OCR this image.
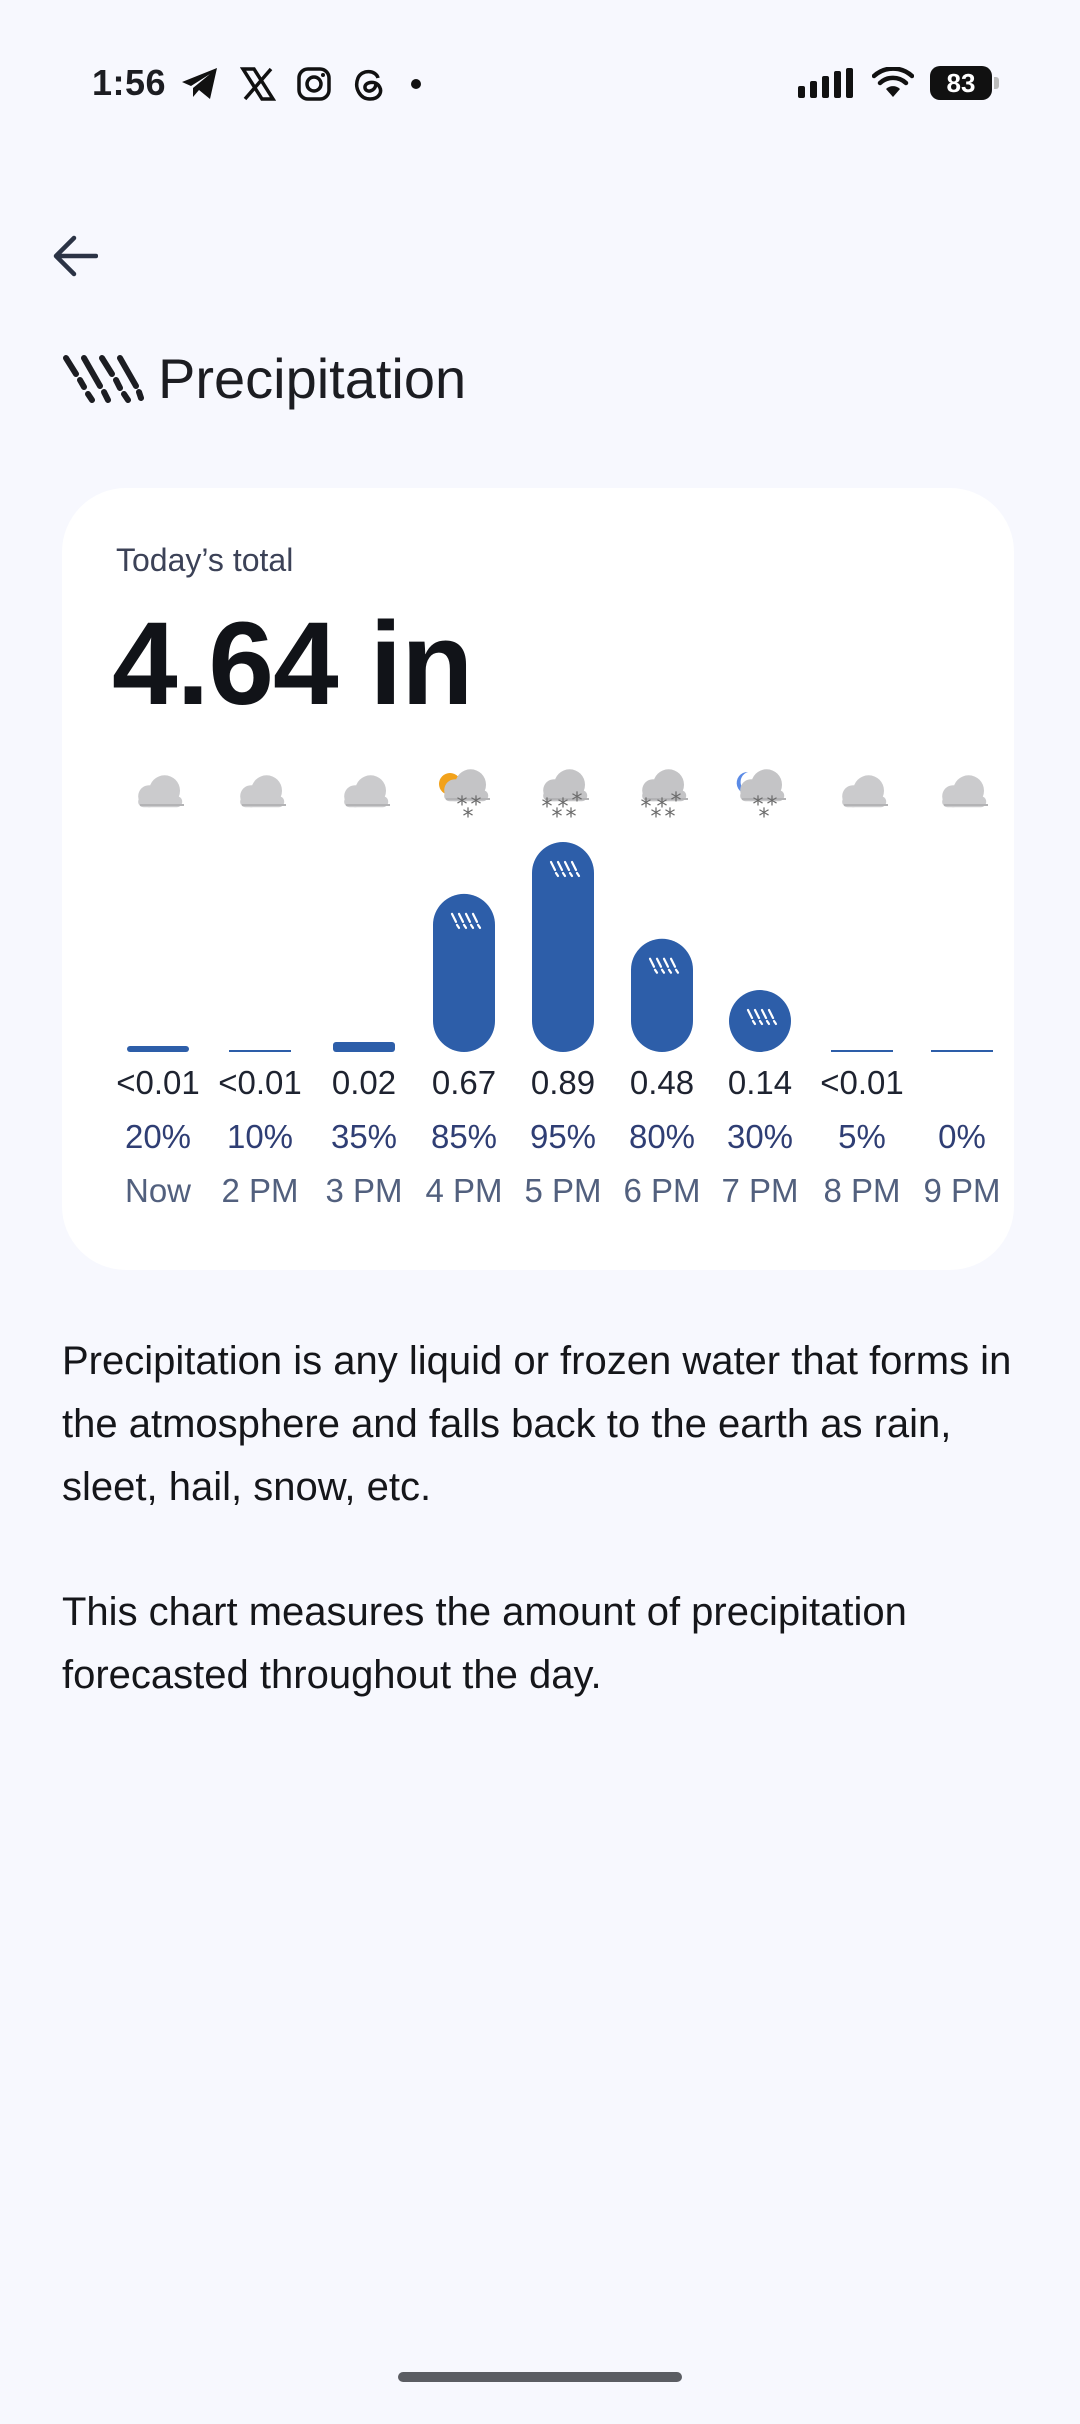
1:56	83
Precipitation
Today’s total
4.64 in
<0.01
20%
Now
<0.01
10%
2 PM
0.02
35%
3 PM
* *
*
0.67
85%
4 PM
* * *
* *
0.89
95%
5 PM
* * *
* *
0.48
80%
6 PM
* *
*
0.14
30%
7 PM
<0.01
5%
8 PM
0%
9 PM
Precipitation is any liquid or frozen water that forms in the atmosphere and falls back to the earth as rain, sleet, hail, snow, etc.
This chart measures the amount of precipitation forecasted throughout the day.
